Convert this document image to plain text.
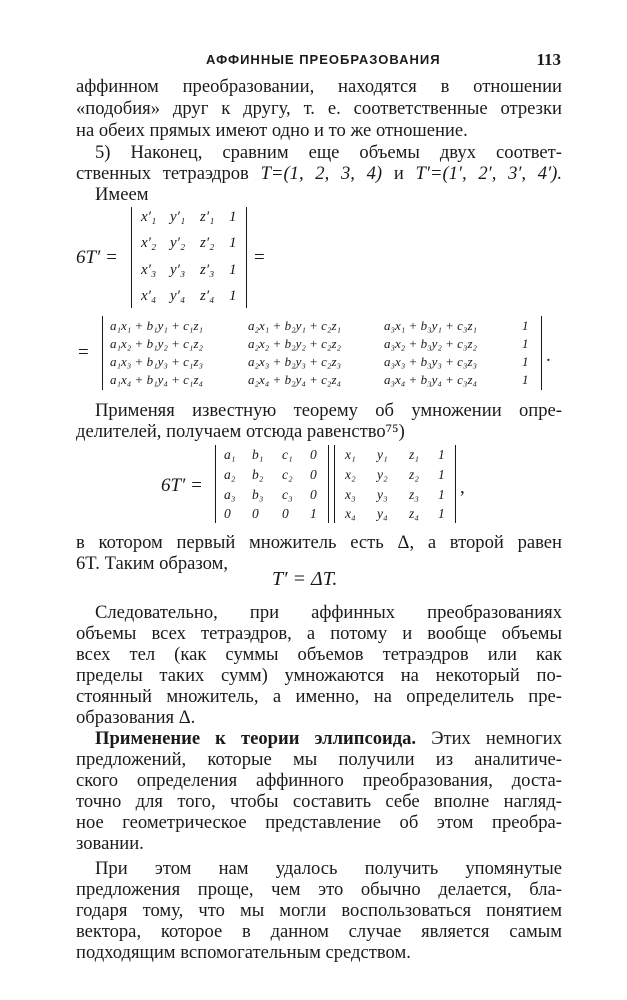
АФФИННЫЕ ПРЕОБРАЗОВАНИЯ	113
аффинном преобразовании, находятся в отношении
«подобия» друг к другу, т. е. соответственные отрезки
на обеих прямых имеют одно и то же отношение.
5) Наконец, сравним еще объемы двух соответ-
ственных тетраэдров T=(1, 2, 3, 4) и T′=(1′, 2′, 3′, 4′).
Имеем
6T′ =
x′₁ y′₁ z′₁ 1
x′₂ y′₂ z′₂ 1
x′₃ y′₃ z′₃ 1
x′₄ y′₄ z′₄ 1
=
=
a₁x₁ + b₁y₁ + c₁z₁	a₂x₁ + b₂y₁ + c₂z₁	a₃x₁ + b₃y₁ + c₃z₁	1
a₁x₂ + b₁y₂ + c₁z₂	a₂x₂ + b₂y₂ + c₂z₂	a₃x₂ + b₃y₂ + c₃z₂	1
a₁x₃ + b₁y₃ + c₁z₃	a₂x₃ + b₂y₃ + c₂z₃	a₃x₃ + b₃y₃ + c₃z₃	1
a₁x₄ + b₁y₄ + c₁z₄	a₂x₄ + b₂y₄ + c₂z₄	a₃x₄ + b₃y₄ + c₃z₄	1
.
Применяя известную теорему об умножении опре-
делителей, получаем отсюда равенство⁷⁵)
6T′ =
a₁ b₁ c₁ 0
a₂ b₂ c₂ 0
a₃ b₃ c₃ 0
0 0 0 1
x₁ y₁ z₁ 1
x₂ y₂ z₂ 1
x₃ y₃ z₃ 1
x₄ y₄ z₄ 1
,
в котором первый множитель есть Δ, а второй равен
6T. Таким образом,
T′ = ΔT.
Следовательно, при аффинных преобразованиях
объемы всех тетраэдров, а потому и вообще объемы
всех тел (как суммы объемов тетраэдров или как
пределы таких сумм) умножаются на некоторый по-
стоянный множитель, а именно, на определитель пре-
образования Δ.
Применение к теории эллипсоида. Этих немногих
предложений, которые мы получили из аналитиче-
ского определения аффинного преобразования, доста-
точно для того, чтобы составить себе вполне нагляд-
ное геометрическое представление об этом преобра-
зовании.
При этом нам удалось получить упомянутые
предложения проще, чем это обычно делается, бла-
годаря тому, что мы могли воспользоваться понятием
вектора, которое в данном случае является самым
подходящим вспомогательным средством.
